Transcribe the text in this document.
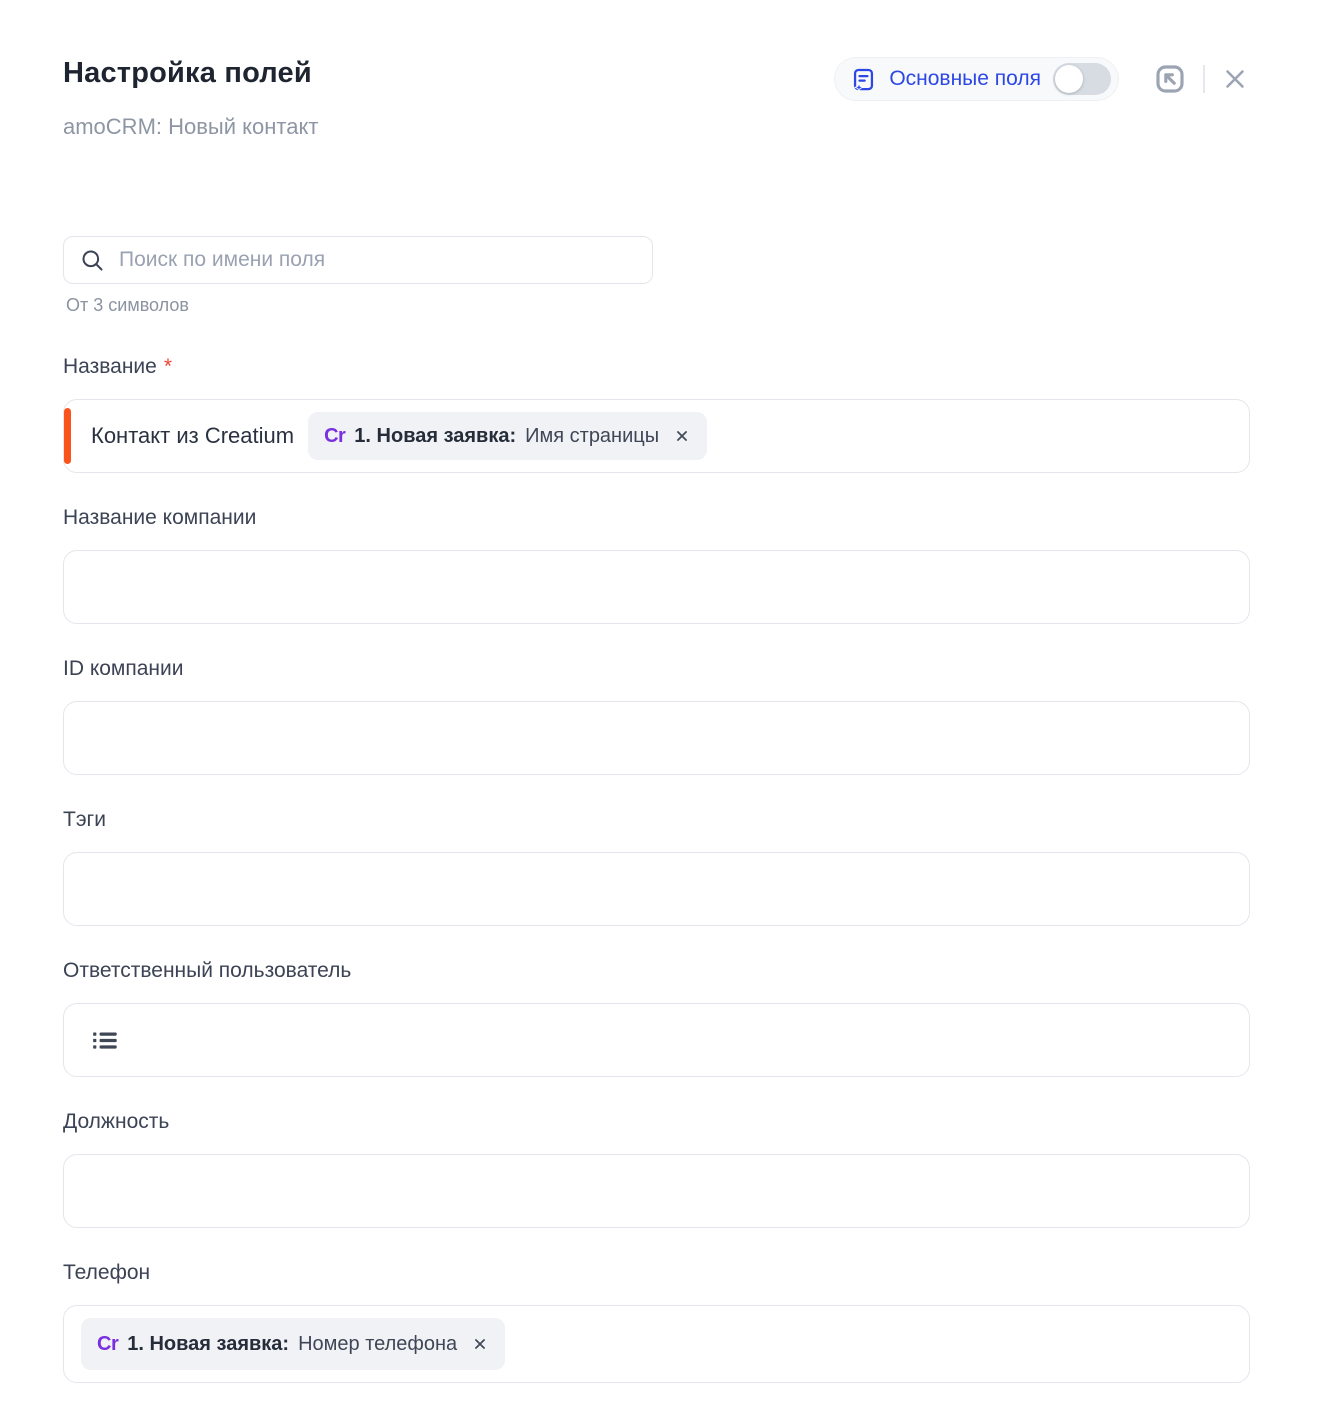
Настройка полей
amoCRM: Новый контакт
Основные поля
Поиск по имени поля
От 3 символов
Название *
Контакт из Creatium Cr 1. Новая заявка: Имя страницы
Название компании
ID компании
Тэги
Ответственный пользователь
Должность
Телефон
Cr 1. Новая заявка: Номер телефона
